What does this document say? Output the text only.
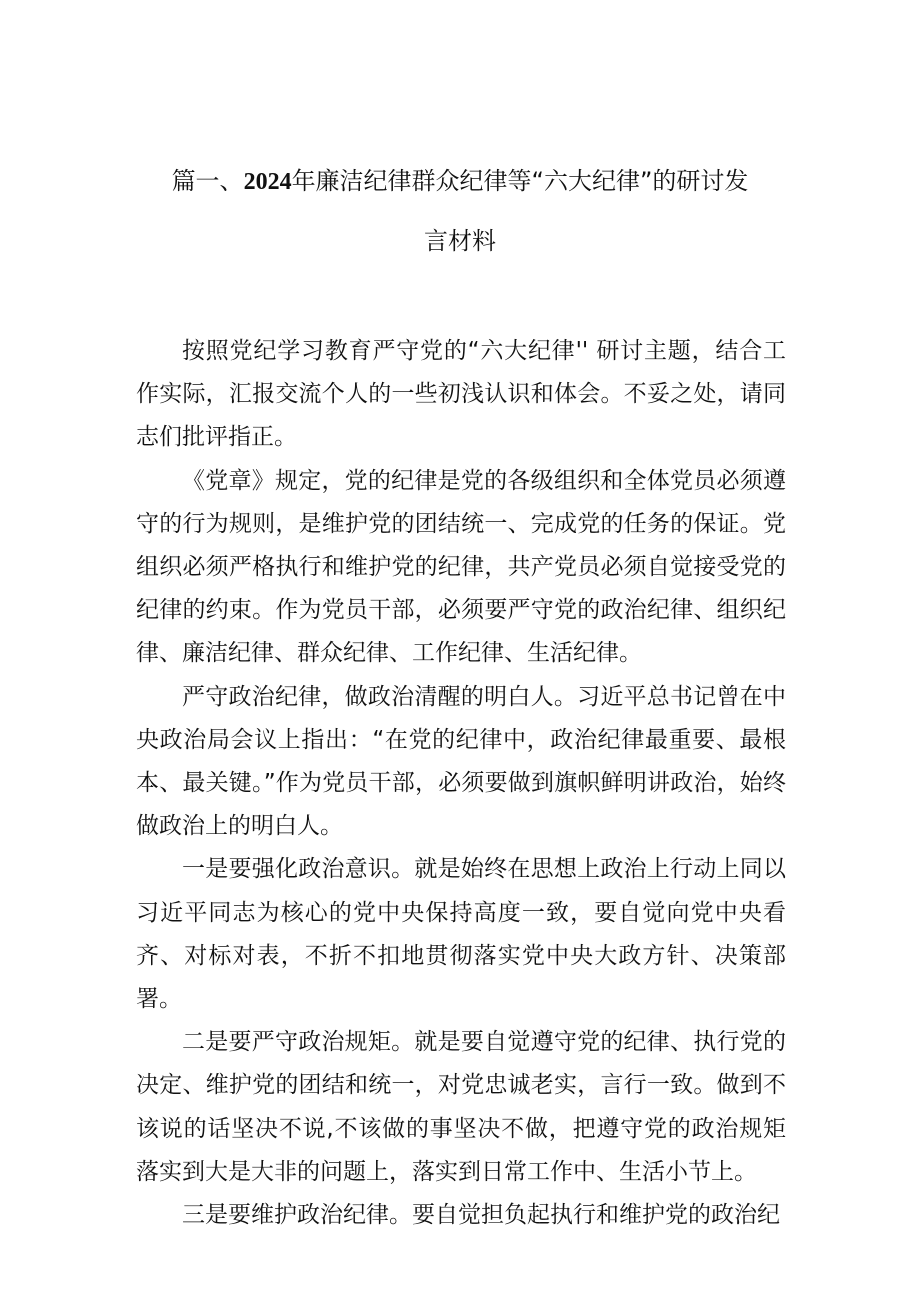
篇一、2024年廉洁纪律群众纪律等“六大纪律”的研讨发
言材料

按照党纪学习教育严守党的“六大纪律'' 研讨主题，结合工作实际，汇报交流个人的一些初浅认识和体会。不妥之处，请同志们批评指正。

《党章》规定，党的纪律是党的各级组织和全体党员必须遵守的行为规则，是维护党的团结统一、完成党的任务的保证。党组织必须严格执行和维护党的纪律，共产党员必须自觉接受党的纪律的约束。作为党员干部，必须要严守党的政治纪律、组织纪律、廉洁纪律、群众纪律、工作纪律、生活纪律。

严守政治纪律，做政治清醒的明白人。习近平总书记曾在中央政治局会议上指出：“在党的纪律中，政治纪律最重要、最根本、最关键。”作为党员干部，必须要做到旗帜鲜明讲政治，始终做政治上的明白人。

一是要强化政治意识。就是始终在思想上政治上行动上同以习近平同志为核心的党中央保持高度一致，要自觉向党中央看齐、对标对表，不折不扣地贯彻落实党中央大政方针、决策部署。

二是要严守政治规矩。就是要自觉遵守党的纪律、执行党的决定、维护党的团结和统一，对党忠诚老实，言行一致。做到不该说的话坚决不说,不该做的事坚决不做，把遵守党的政治规矩落实到大是大非的问题上，落实到日常工作中、生活小节上。

三是要维护政治纪律。要自觉担负起执行和维护党的政治纪
